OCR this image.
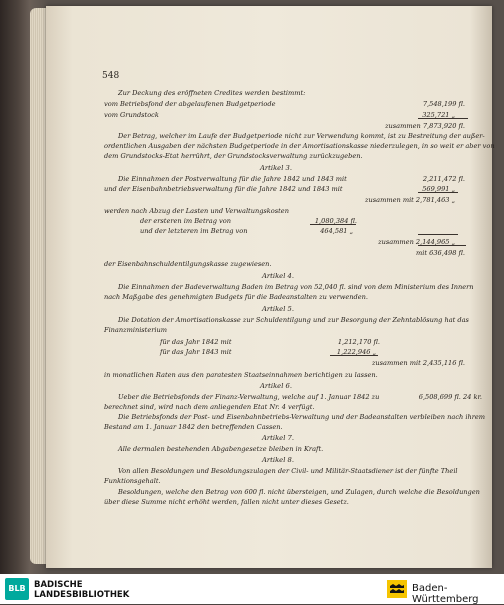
548
Zur Deckung des eröffneten Credites werden bestimmt:
vom Betriebsfond der abgelaufenen Budgetperiode
vom Grundstock
Der Betrag, welcher im Laufe der Budgetperiode nicht zur Verwendung kommt, ist zu Bestreitung der außer-
ordentlichen Ausgaben der nächsten Budgetperiode in der Amortisationskasse niederzulegen, in so weit er aber von
dem Grundstocks-Etat herrührt, der Grundstocksverwaltung zurückzugeben.
Die Einnahmen der Postverwaltung für die Jahre 1842 und 1843 mit
und der Eisenbahnbetriebsverwaltung für die Jahre 1842 und 1843 mit
werden nach Abzug der Lasten und Verwaltungskosten
der ersteren im Betrag von
und der letzteren im Betrag von
der Eisenbahnschuldentilgungskasse zugewiesen.
Die Einnahmen der Badeverwaltung Baden im Betrag von 52,040 fl. sind von dem Ministerium des Innern
nach Maßgabe des genehmigten Budgets für die Badeanstalten zu verwenden.
Die Dotation der Amortisationskasse zur Schuldentilgung und zur Besorgung der Zehntablösung hat das
Finanzministerium
für das Jahr 1842 mit
für das Jahr 1843 mit
in monatlichen Raten aus den paratesten Staatseinnahmen berichtigen zu lassen.
Ueber die Betriebsfonds der Finanz-Verwaltung, welche auf 1. Januar 1842 zu
berechnet sind, wird nach dem anliegenden Etat Nr. 4 verfügt.
Die Betriebsfonds der Post- und Eisenbahnbetriebs-Verwaltung und der Badeanstalten verbleiben nach ihrem
Bestand am 1. Januar 1842 den betreffenden Cassen.
Alle dermalen bestehenden Abgabengesetze bleiben in Kraft.
Von allen Besoldungen und Besoldungszulagen der Civil- und Militär-Staatsdiener ist der fünfte Theil
Funktionsgehalt.
Besoldungen, welche den Betrag von 600 fl. nicht übersteigen, und Zulagen, durch welche die Besoldungen
über diese Summe nicht erhöht werden, fallen nicht unter dieses Gesetz.
Artikel 3.
Artikel 4.
Artikel 5.
Artikel 6.
Artikel 7.
Artikel 8.
7,548,199 fl.
325,721 „
zusammen 7,873,920 fl.
2,211,472 fl.
569,991 „
zusammen mit 2,781,463 „
1,080,384 fl.
464,581 „
zusammen 2,144,965 „
mit 636,498 fl.
1,212,170 fl.
1,222,946 „
zusammen mit 2,435,116 fl.
6,508,699 fl. 24 kr.
BLB BADISCHE
LANDESBIBLIOTHEK
Baden-Württemberg
